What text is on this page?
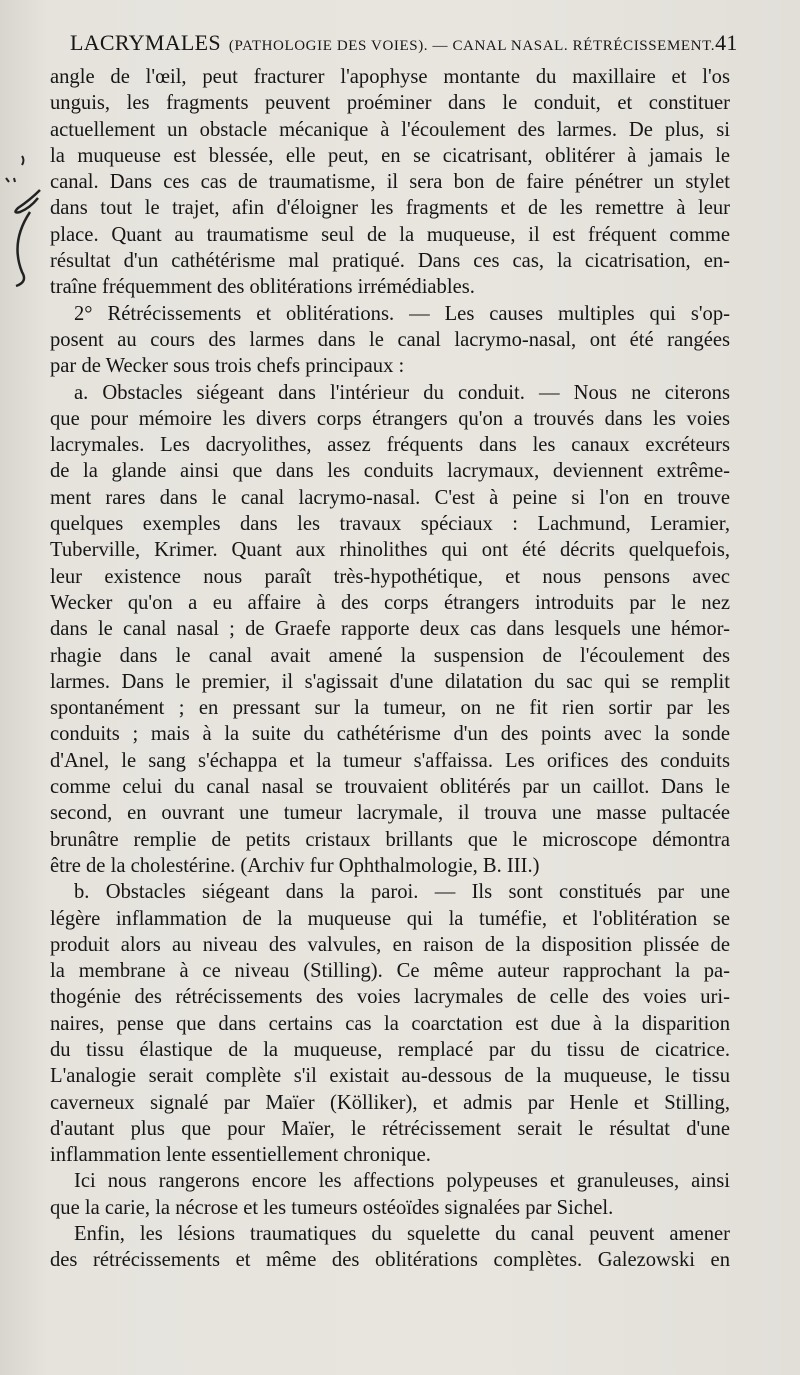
LACRYMALES (PATHOLOGIE DES VOIES). — CANAL NASAL. RÉTRÉCISSEMENT. 41
angle de l'œil, peut fracturer l'apophyse montante du maxillaire et l'os
unguis, les fragments peuvent proéminer dans le conduit, et constituer
actuellement un obstacle mécanique à l'écoulement des larmes. De plus, si
la muqueuse est blessée, elle peut, en se cicatrisant, oblitérer à jamais le
canal. Dans ces cas de traumatisme, il sera bon de faire pénétrer un stylet
dans tout le trajet, afin d'éloigner les fragments et de les remettre à leur
place. Quant au traumatisme seul de la muqueuse, il est fréquent comme
résultat d'un cathétérisme mal pratiqué. Dans ces cas, la cicatrisation, en-
traîne fréquemment des oblitérations irrémédiables.
2° Rétrécissements et oblitérations. — Les causes multiples qui s'op-
posent au cours des larmes dans le canal lacrymo-nasal, ont été rangées
par de Wecker sous trois chefs principaux :
a. Obstacles siégeant dans l'intérieur du conduit. — Nous ne citerons
que pour mémoire les divers corps étrangers qu'on a trouvés dans les voies
lacrymales. Les dacryolithes, assez fréquents dans les canaux excréteurs
de la glande ainsi que dans les conduits lacrymaux, deviennent extrême-
ment rares dans le canal lacrymo-nasal. C'est à peine si l'on en trouve
quelques exemples dans les travaux spéciaux : Lachmund, Leramier,
Tuberville, Krimer. Quant aux rhinolithes qui ont été décrits quelquefois,
leur existence nous paraît très-hypothétique, et nous pensons avec
Wecker qu'on a eu affaire à des corps étrangers introduits par le nez
dans le canal nasal ; de Graefe rapporte deux cas dans lesquels une hémor-
rhagie dans le canal avait amené la suspension de l'écoulement des
larmes. Dans le premier, il s'agissait d'une dilatation du sac qui se remplit
spontanément ; en pressant sur la tumeur, on ne fit rien sortir par les
conduits ; mais à la suite du cathétérisme d'un des points avec la sonde
d'Anel, le sang s'échappa et la tumeur s'affaissa. Les orifices des conduits
comme celui du canal nasal se trouvaient oblitérés par un caillot. Dans le
second, en ouvrant une tumeur lacrymale, il trouva une masse pultacée
brunâtre remplie de petits cristaux brillants que le microscope démontra
être de la cholestérine. (Archiv fur Ophthalmologie, B. III.)
b. Obstacles siégeant dans la paroi. — Ils sont constitués par une
légère inflammation de la muqueuse qui la tuméfie, et l'oblitération se
produit alors au niveau des valvules, en raison de la disposition plissée de
la membrane à ce niveau (Stilling). Ce même auteur rapprochant la pa-
thogénie des rétrécissements des voies lacrymales de celle des voies uri-
naires, pense que dans certains cas la coarctation est due à la disparition
du tissu élastique de la muqueuse, remplacé par du tissu de cicatrice.
L'analogie serait complète s'il existait au-dessous de la muqueuse, le tissu
caverneux signalé par Maïer (Kölliker), et admis par Henle et Stilling,
d'autant plus que pour Maïer, le rétrécissement serait le résultat d'une
inflammation lente essentiellement chronique.
Ici nous rangerons encore les affections polypeuses et granuleuses, ainsi
que la carie, la nécrose et les tumeurs ostéoïdes signalées par Sichel.
Enfin, les lésions traumatiques du squelette du canal peuvent amener
des rétrécissements et même des oblitérations complètes. Galezowski en
